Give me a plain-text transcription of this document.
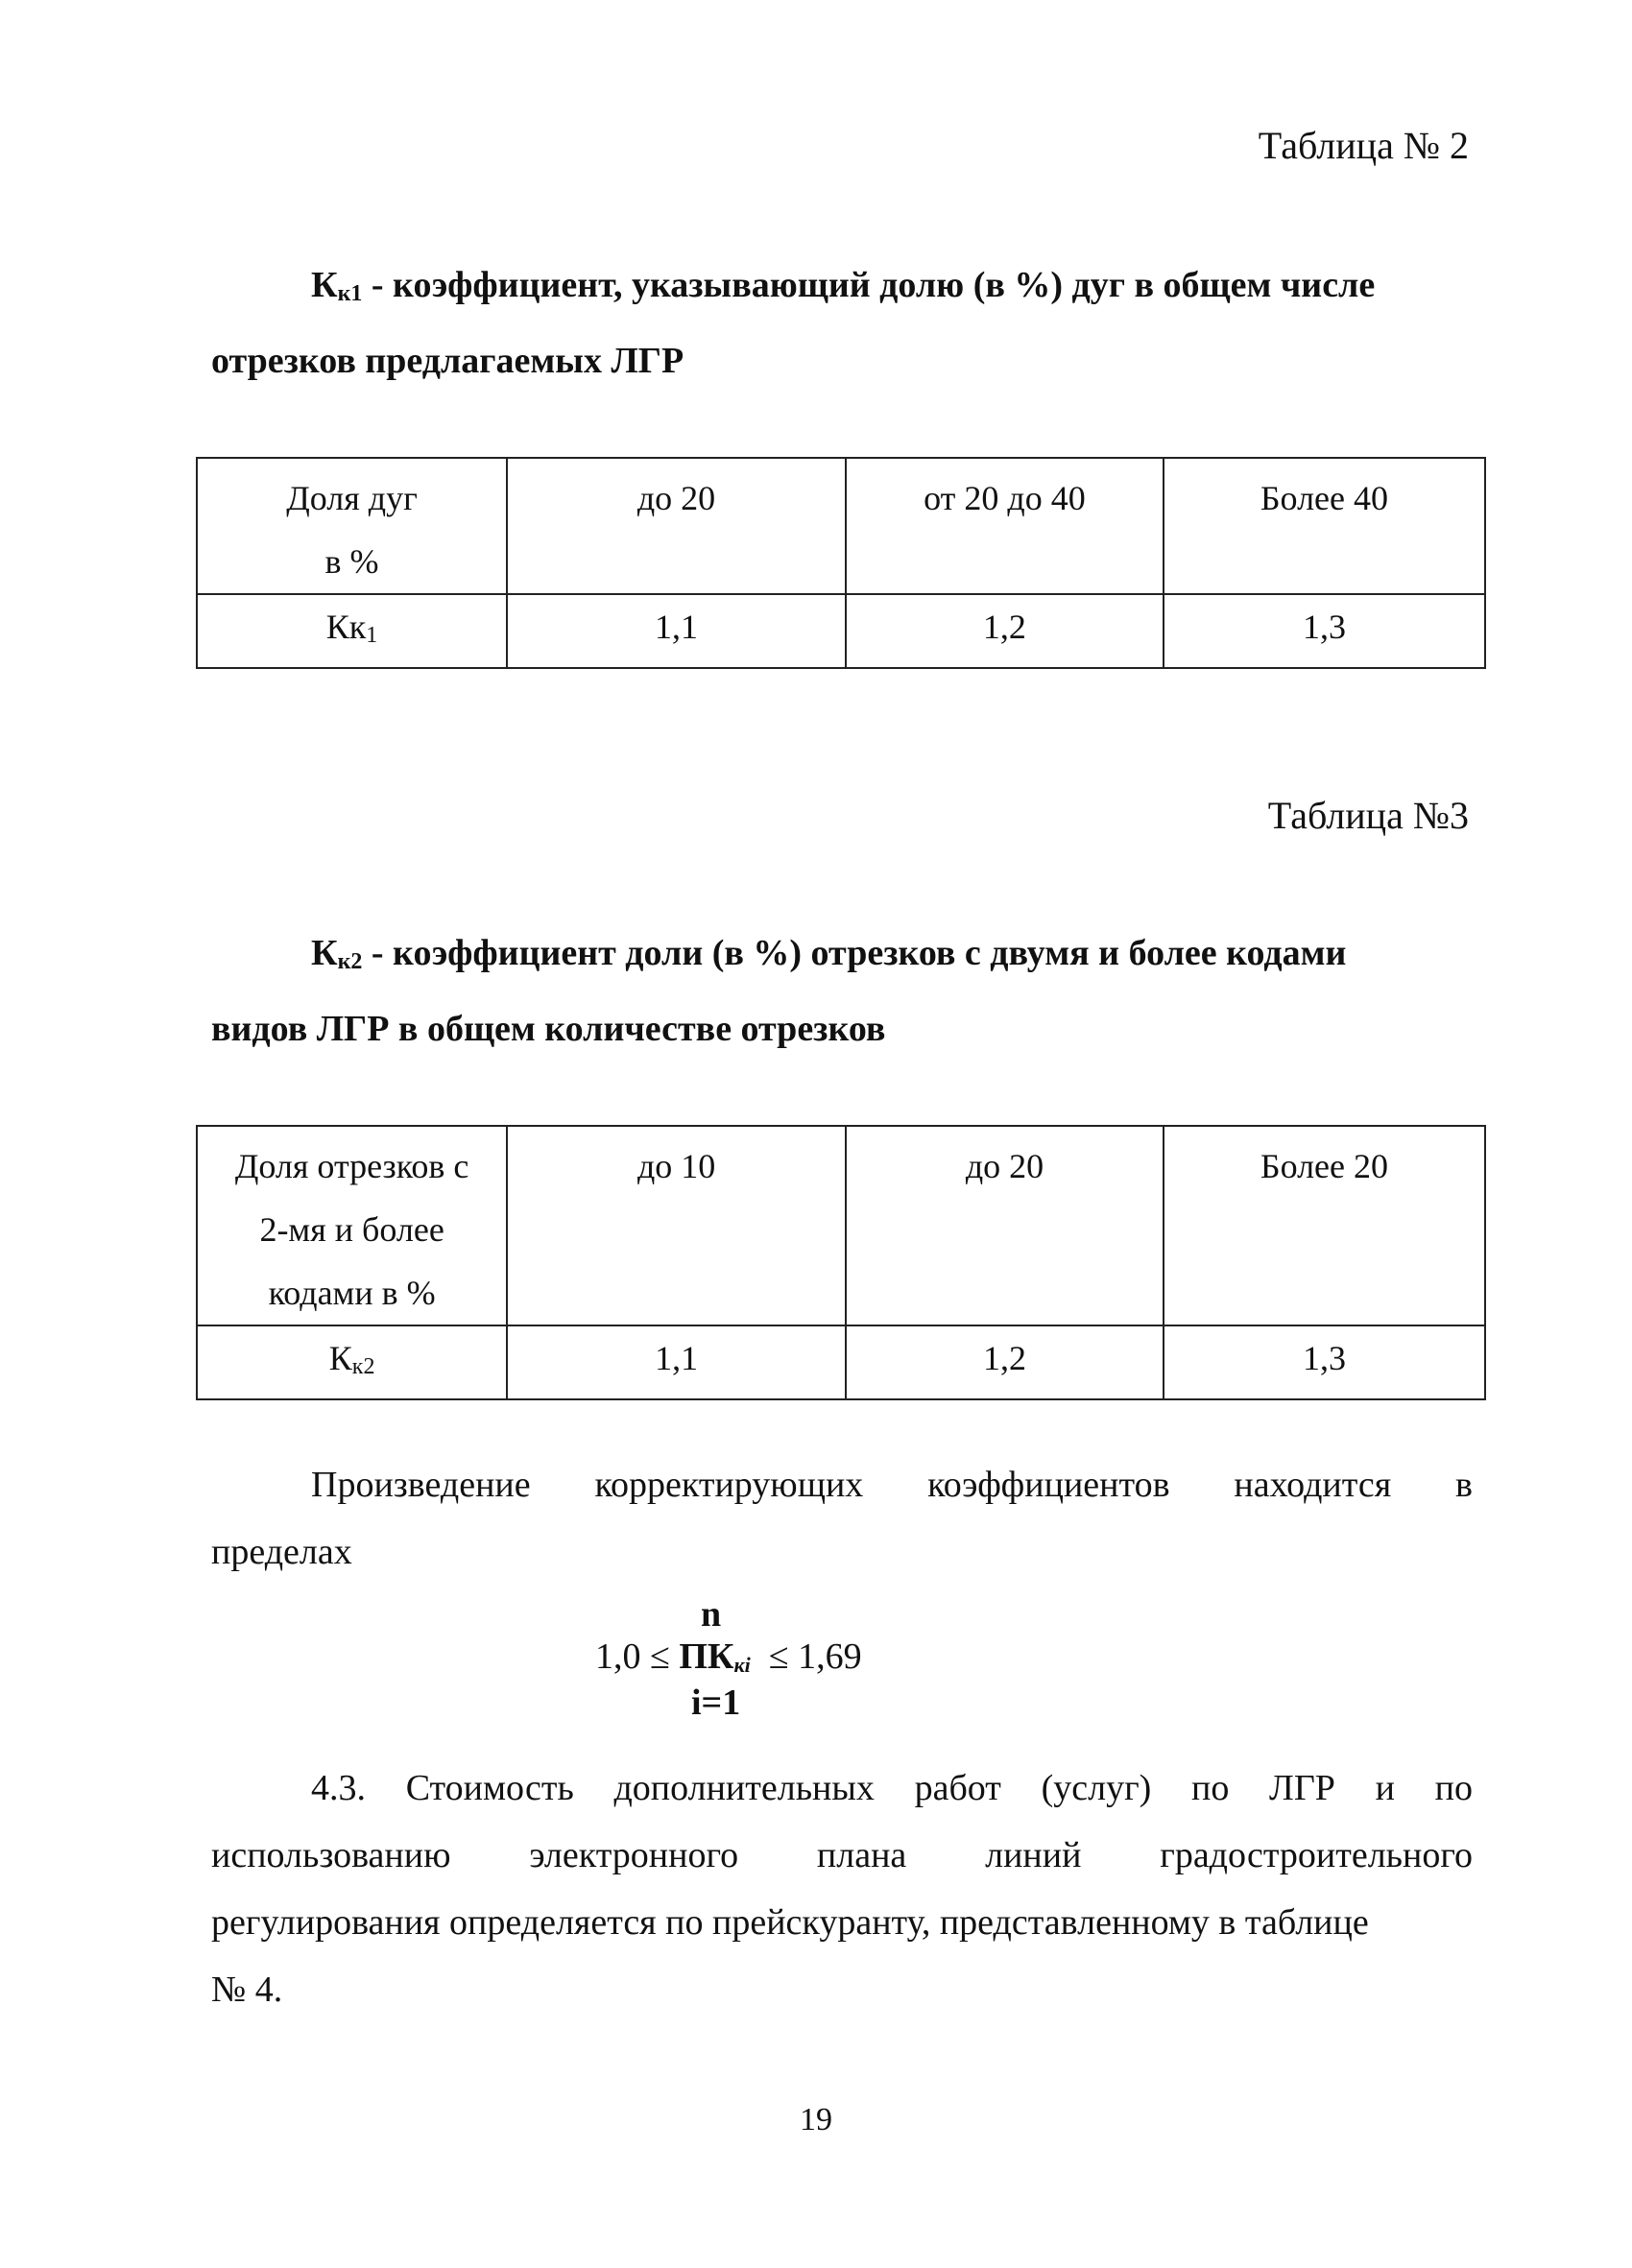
Таблица № 2
$К_{к1}$ - коэффициент, указывающий долю (в %) дуг в общем числе
отрезков предлагаемых ЛГР
Доля дуг
в %	до 20	от 20 до 40	Более 40

$Кк_1$	1,1	1,2	1,3
Таблица №3
$К_{к2}$ - коэффициент доли (в %) отрезков с двумя и более кодами
видов ЛГР в общем количестве отрезков
Доля отрезков с
2-мя и более
кодами в %	до 10	до 20	Более 20

$К_{к2}$	1,1	1,2	1,3
Произведение корректирующих коэффициентов находится в
пределах
n
$1,0 \le ПК_{кi} \le 1,69$
i=1
4.3. Стоимость дополнительных работ (услуг) по ЛГР и по
использованию электронного плана линий градостроительного
регулирования определяется по прейскуранту, представленному в таблице
№ 4.
19
